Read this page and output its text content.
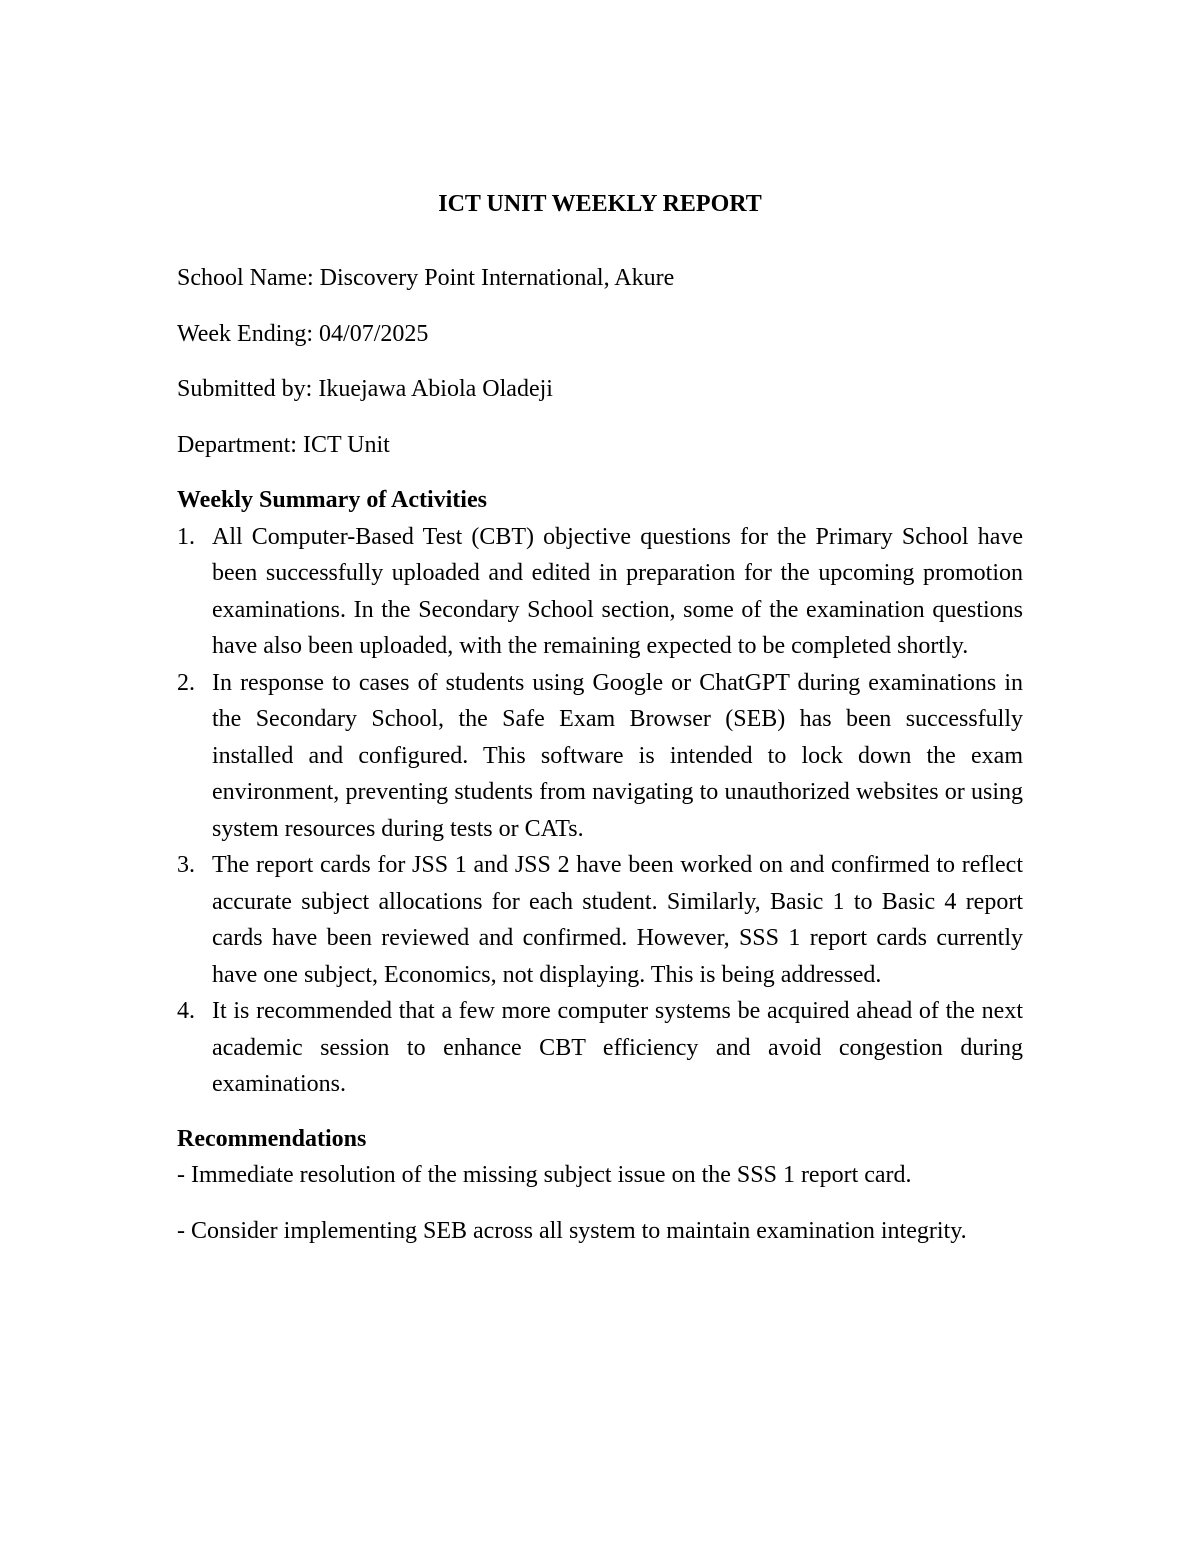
ICT UNIT WEEKLY REPORT
School Name: Discovery Point International, Akure
Week Ending: 04/07/2025
Submitted by: Ikuejawa Abiola Oladeji
Department: ICT Unit
Weekly Summary of Activities
1. All Computer-Based Test (CBT) objective questions for the Primary School have been successfully uploaded and edited in preparation for the upcoming promotion examinations. In the Secondary School section, some of the examination questions have also been uploaded, with the remaining expected to be completed shortly.
2. In response to cases of students using Google or ChatGPT during examinations in the Secondary School, the Safe Exam Browser (SEB) has been successfully installed and configured. This software is intended to lock down the exam environment, preventing students from navigating to unauthorized websites or using system resources during tests or CATs.
3. The report cards for JSS 1 and JSS 2 have been worked on and confirmed to reflect accurate subject allocations for each student. Similarly, Basic 1 to Basic 4 report cards have been reviewed and confirmed. However, SSS 1 report cards currently have one subject, Economics, not displaying. This is being addressed.
4. It is recommended that a few more computer systems be acquired ahead of the next academic session to enhance CBT efficiency and avoid congestion during examinations.
Recommendations
- Immediate resolution of the missing subject issue on the SSS 1 report card.
- Consider implementing SEB across all system to maintain examination integrity.
